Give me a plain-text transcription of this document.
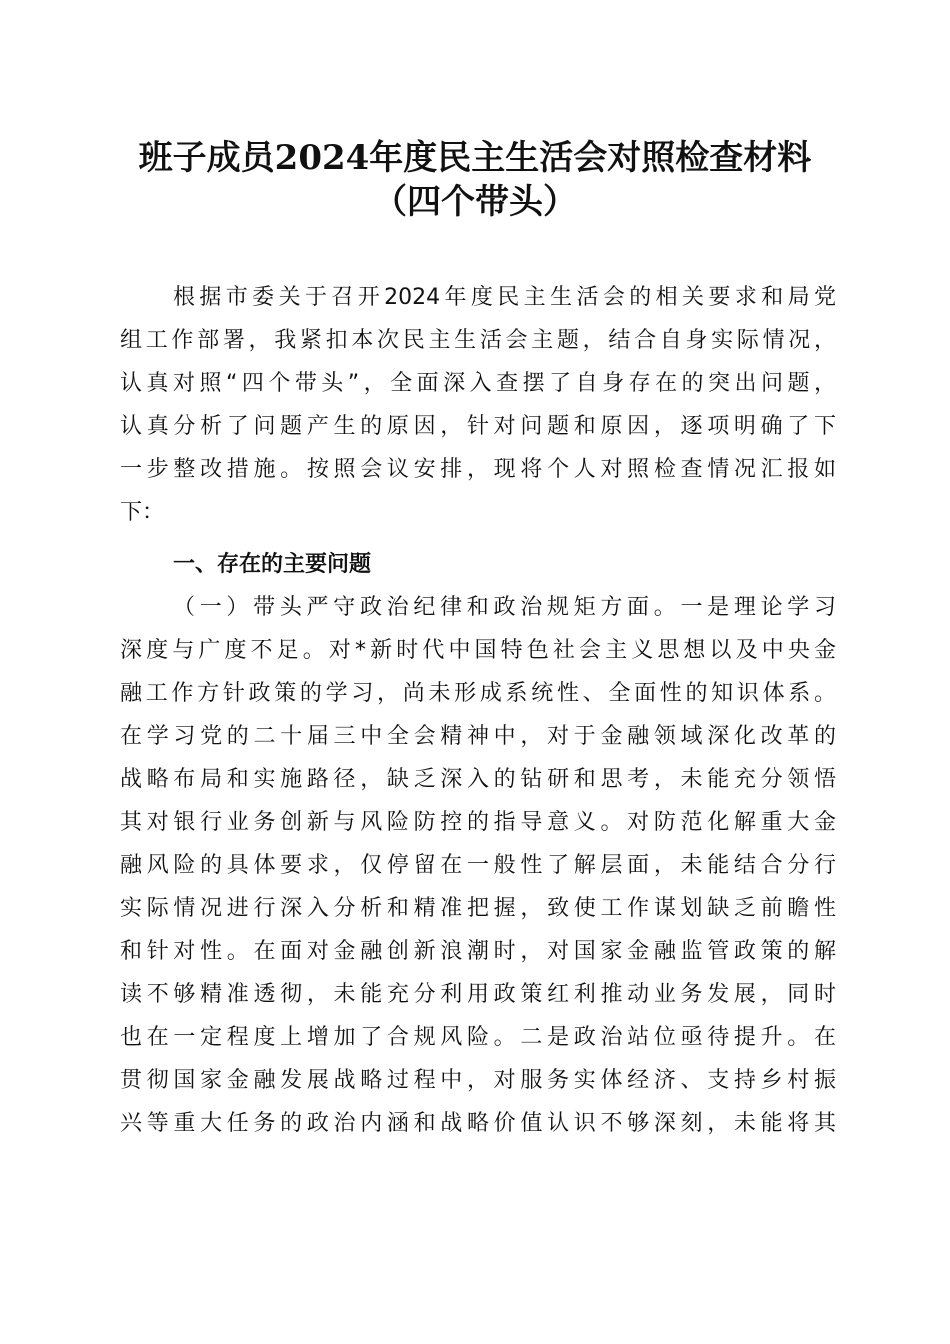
班子成员2024年度民主生活会对照检查材料
（四个带头）
根据市委关于召开2024年度民主生活会的相关要求和局党
组工作部署，我紧扣本次民主生活会主题，结合自身实际情况，
认真对照“四个带头”，全面深入查摆了自身存在的突出问题，
认真分析了问题产生的原因，针对问题和原因，逐项明确了下
一步整改措施。按照会议安排，现将个人对照检查情况汇报如
下：
一、存在的主要问题
（一）带头严守政治纪律和政治规矩方面。一是理论学习
深度与广度不足。对*新时代中国特色社会主义思想以及中央金
融工作方针政策的学习，尚未形成系统性、全面性的知识体系。
在学习党的二十届三中全会精神中，对于金融领域深化改革的
战略布局和实施路径，缺乏深入的钻研和思考，未能充分领悟
其对银行业务创新与风险防控的指导意义。对防范化解重大金
融风险的具体要求，仅停留在一般性了解层面，未能结合分行
实际情况进行深入分析和精准把握，致使工作谋划缺乏前瞻性
和针对性。在面对金融创新浪潮时，对国家金融监管政策的解
读不够精准透彻，未能充分利用政策红利推动业务发展，同时
也在一定程度上增加了合规风险。二是政治站位亟待提升。在
贯彻国家金融发展战略过程中，对服务实体经济、支持乡村振
兴等重大任务的政治内涵和战略价值认识不够深刻，未能将其
